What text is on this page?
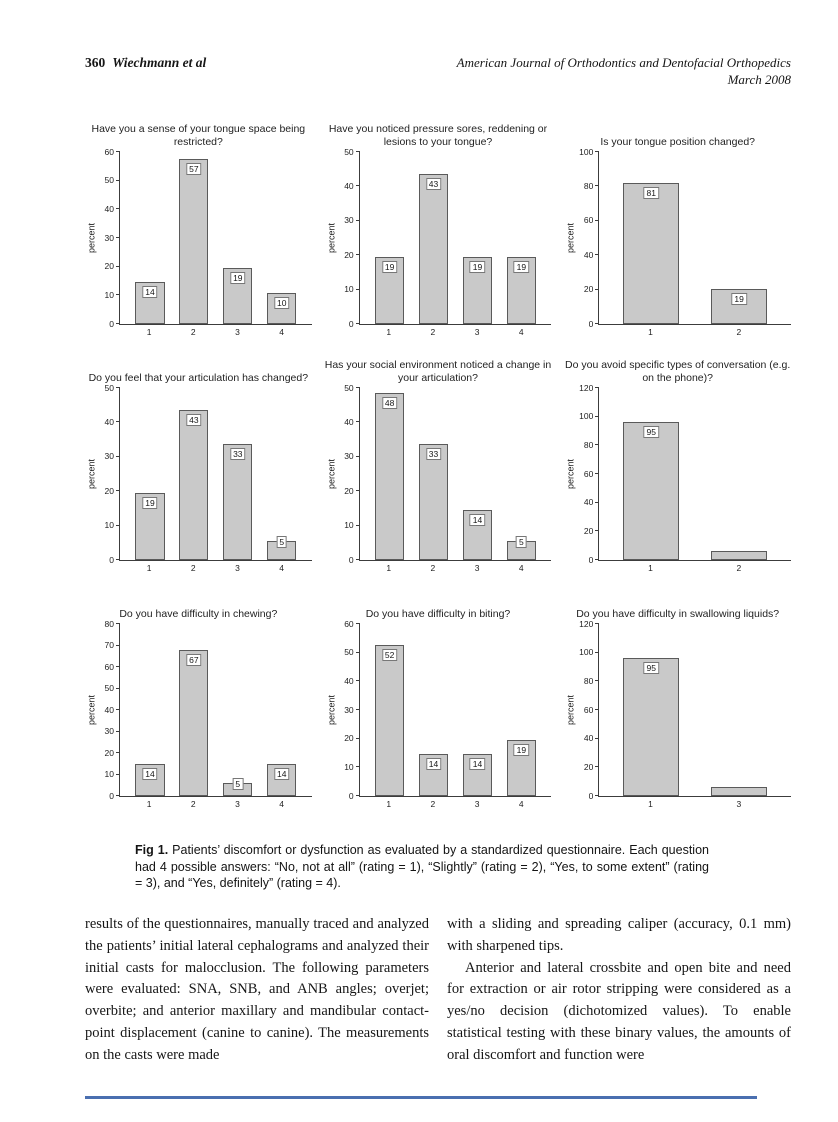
360 Wiechmann et al	American Journal of Orthodontics and Dentofacial Orthopedics
March 2008
Have you a sense of your tongue space being restricted?
percent
0
10
20
30
40
50
60
14
57
19
10
1	2	3	4
Have you noticed pressure sores, reddening or lesions to your tongue?
percent
0
10
20
30
40
50
19
43
19	19
1	2	3	4
Is your tongue position changed?
percent
0
20
40
60
80
100
81
19
1	2
Do you feel that your articulation has changed?
percent
0
10
20
30
40
50
19
43
33
5
1	2	3	4
Has your social environment noticed a change in your articulation?
percent
0
10
20
30
40
50
48
33
14
5
1	2	3	4
Do you avoid specific types of conversation (e.g. on the phone)?
percent
0
20
40
60
80
100
120
95
1	2
Do you have difficulty in chewing?
percent
0
10
20
30
40
50
60
70
80
14
67
5
14
1	2	3	4
Do you have difficulty in biting?
percent
0
10
20
30
40
50
60
52
14	14
19
1	2	3	4
Do you have difficulty in swallowing liquids?
percent
0
20
40
60
80
100
120
95
1	3
Fig 1. Patients’ discomfort or dysfunction as evaluated by a standardized questionnaire. Each question had 4 possible answers: “No, not at all” (rating = 1), “Slightly” (rating = 2), “Yes, to some extent” (rating = 3), and “Yes, definitely” (rating = 4).

results of the questionnaires, manually traced and analyzed the patients’ initial lateral cephalograms and analyzed their initial casts for malocclusion. The following parameters were evaluated: SNA, SNB, and ANB angles; overjet; overbite; and anterior maxillary and mandibular contact-point displacement (canine to canine). The measurements on the casts were made

with a sliding and spreading caliper (accuracy, 0.1 mm) with sharpened tips.

Anterior and lateral crossbite and open bite and need for extraction or air rotor stripping were considered as a yes/no decision (dichotomized values). To enable statistical testing with these binary values, the amounts of oral discomfort and function were
